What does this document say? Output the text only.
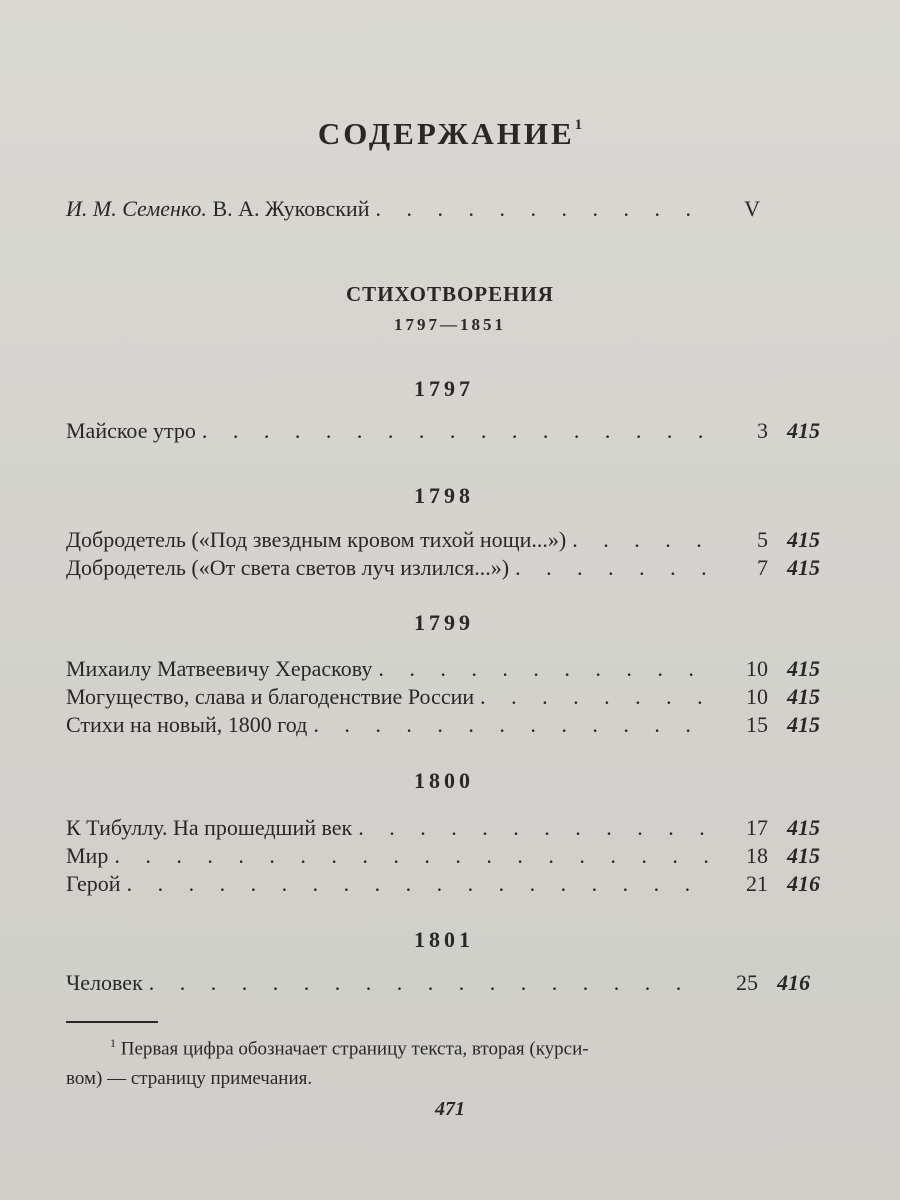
СОДЕРЖАНИЕ$^1$
И. М. Семенко. В. А. Жуковский . . .	V
СТИХОТВОРЕНИЯ
1797—1851
1797
Майское утро . . .	3 415
1798
Добродетель («Под звездным кровом тихой нощи...») . . .	5 415
Добродетель («От света светов луч излился...») . . .	7 415
1799
Михаилу Матвеевичу Хераскову . . .	10 415
Могущество, слава и благоденствие России . . .	10 415
Стихи на новый, 1800 год . . .	15 415
1800
К Тибуллу. На прошедший век . . .	17 415
Мир . . .	18 415
Герой . . .	21 416
1801
Человек . . .	25 416
$^1$ Первая цифра обозначает страницу текста, вторая (курси-
вом) — страницу примечания.
471
